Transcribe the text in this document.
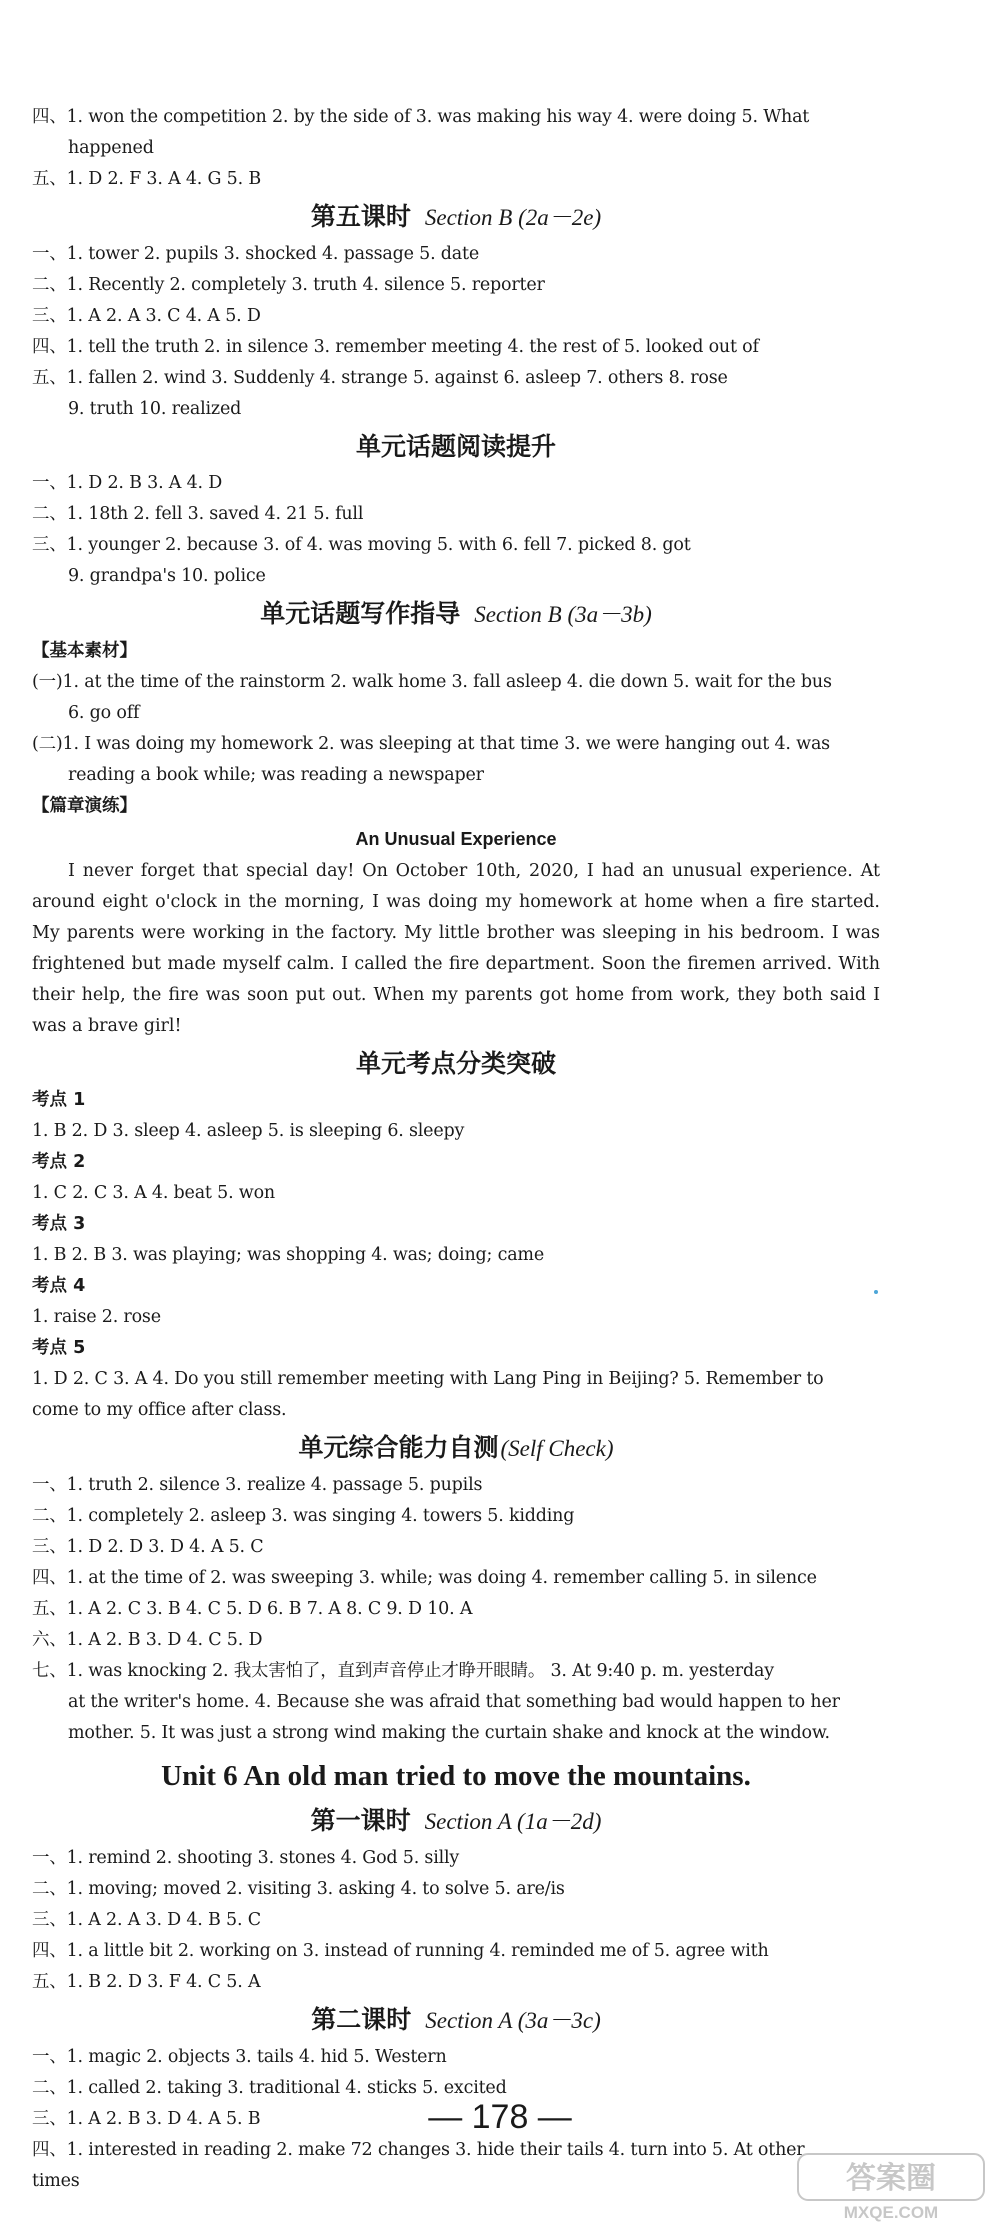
四、1. won the competition 2. by the side of 3. was making his way 4. were doing 5. What
happened
五、1. D 2. F 3. A 4. G 5. B
第五课时 Section B (2a－2e)
一、1. tower 2. pupils 3. shocked 4. passage 5. date
二、1. Recently 2. completely 3. truth 4. silence 5. reporter
三、1. A 2. A 3. C 4. A 5. D
四、1. tell the truth 2. in silence 3. remember meeting 4. the rest of 5. looked out of
五、1. fallen 2. wind 3. Suddenly 4. strange 5. against 6. asleep 7. others 8. rose
9. truth 10. realized
单元话题阅读提升
一、1. D 2. B 3. A 4. D
二、1. 18th 2. fell 3. saved 4. 21 5. full
三、1. younger 2. because 3. of 4. was moving 5. with 6. fell 7. picked 8. got
9. grandpa's 10. police
单元话题写作指导 Section B (3a－3b)
【基本素材】
(一)1. at the time of the rainstorm 2. walk home 3. fall asleep 4. die down 5. wait for the bus
6. go off
(二)1. I was doing my homework 2. was sleeping at that time 3. we were hanging out 4. was
reading a book while; was reading a newspaper
【篇章演练】
An Unusual Experience
I never forget that special day! On October 10th, 2020, I had an unusual experience. At around eight o'clock in the morning, I was doing my homework at home when a fire started. My parents were working in the factory. My little brother was sleeping in his bedroom. I was frightened but made myself calm. I called the fire department. Soon the firemen arrived. With their help, the fire was soon put out. When my parents got home from work, they both said I was a brave girl!
单元考点分类突破
考点 1
1. B 2. D 3. sleep 4. asleep 5. is sleeping 6. sleepy
考点 2
1. C 2. C 3. A 4. beat 5. won
考点 3
1. B 2. B 3. was playing; was shopping 4. was; doing; came
考点 4
1. raise 2. rose
考点 5
1. D 2. C 3. A 4. Do you still remember meeting with Lang Ping in Beijing? 5. Remember to
come to my office after class.
单元综合能力自测(Self Check)
一、1. truth 2. silence 3. realize 4. passage 5. pupils
二、1. completely 2. asleep 3. was singing 4. towers 5. kidding
三、1. D 2. D 3. D 4. A 5. C
四、1. at the time of 2. was sweeping 3. while; was doing 4. remember calling 5. in silence
五、1. A 2. C 3. B 4. C 5. D 6. B 7. A 8. C 9. D 10. A
六、1. A 2. B 3. D 4. C 5. D
七、1. was knocking 2. 我太害怕了，直到声音停止才睁开眼睛。 3. At 9:40 p. m. yesterday
at the writer's home. 4. Because she was afraid that something bad would happen to her
mother. 5. It was just a strong wind making the curtain shake and knock at the window.
Unit 6 An old man tried to move the mountains.
第一课时 Section A (1a－2d)
一、1. remind 2. shooting 3. stones 4. God 5. silly
二、1. moving; moved 2. visiting 3. asking 4. to solve 5. are/is
三、1. A 2. A 3. D 4. B 5. C
四、1. a little bit 2. working on 3. instead of running 4. reminded me of 5. agree with
五、1. B 2. D 3. F 4. C 5. A
第二课时 Section A (3a－3c)
一、1. magic 2. objects 3. tails 4. hid 5. Western
二、1. called 2. taking 3. traditional 4. sticks 5. excited
三、1. A 2. B 3. D 4. A 5. B
四、1. interested in reading 2. make 72 changes 3. hide their tails 4. turn into 5. At other
times
— 178 —
答案圈
MXQE.COM
